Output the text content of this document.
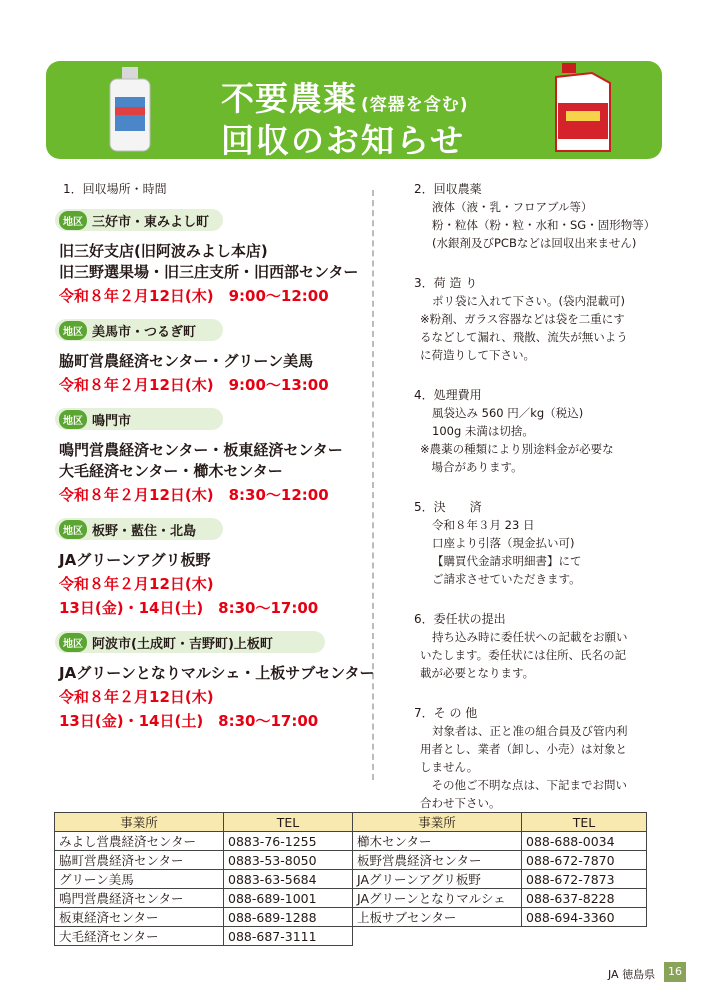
不要農薬 (容器を含む)
回収のお知らせ
1．回収場所・時間
地区 三好市・東みよし町
旧三好支店(旧阿波みよし本店)
旧三野選果場・旧三庄支所・旧西部センター
令和８年２月12日(木)　9:00〜12:00
地区 美馬市・つるぎ町
脇町営農経済センター・グリーン美馬
令和８年２月12日(木)　9:00〜13:00
地区 鳴門市
鳴門営農経済センター・板東経済センター
大毛経済センター・櫛木センター
令和８年２月12日(木)　8:30〜12:00
地区 板野・藍住・北島
JAグリーンアグリ板野
令和８年２月12日(木)
13日(金)・14日(土)　8:30〜17:00
地区 阿波市(土成町・吉野町)上板町
JAグリーンとなりマルシェ・上板サブセンター
令和８年２月12日(木)
13日(金)・14日(土)　8:30〜17:00
2．回収農薬
液体（液・乳・フロアブル等）
粉・粒体（粉・粒・水和・SG・固形物等）
(水銀剤及びPCBなどは回収出来ません)
3．荷 造 り
ポリ袋に入れて下さい。(袋内混載可)
※粉剤、ガラス容器などは袋を二重にす
るなどして漏れ、飛散、流失が無いよう
に荷造りして下さい。
4．処理費用
風袋込み 560 円／kg（税込)
100g 未満は切捨。
※農薬の種類により別途料金が必要な
　場合があります。
5．決　　済
令和８年３月 23 日
口座より引落（現金払い可)
【購買代金請求明細書】にて
ご請求させていただきます。
6．委任状の提出
持ち込み時に委任状への記載をお願い
いたします。委任状には住所、氏名の記
載が必要となります。
7．そ の 他
対象者は、正と准の組合員及び管内利
用者とし、業者（卸し、小売）は対象と
しません。
　その他ご不明な点は、下記までお問い
合わせ下さい。
事業所	TEL	事業所	TEL
みよし営農経済センター	0883-76-1255	櫛木センター	088-688-0034
脇町営農経済センター	0883-53-8050	板野営農経済センター	088-672-7870
グリーン美馬	0883-63-5684	JAグリーンアグリ板野	088-672-7873
鳴門営農経済センター	088-689-1001	JAグリーンとなりマルシェ	088-637-8228
板東経済センター	088-689-1288	上板サブセンター	088-694-3360
大毛経済センター	088-687-3111		
JA 徳島県	16
